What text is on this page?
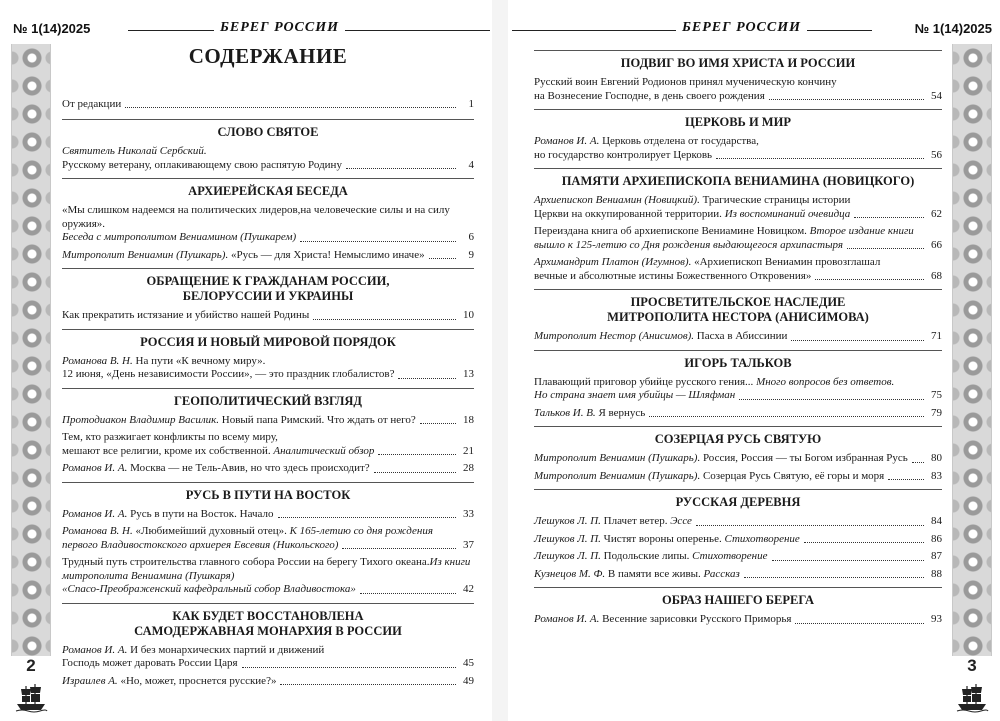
№ 1(14)2025	БЕРЕГ РОССИИ
2
СОДЕРЖАНИЕ
От редакции	1
СЛОВО СВЯТОЕ
Святитель Николай Сербский.
Русскому ветерану, оплакивающему свою распятую Родину	4
АРХИЕРЕЙСКАЯ БЕСЕДА
«Мы слишком надеемся на политических лидеров,на человеческие силы и на силу оружия».
Беседа с митрополитом Вениамином (Пушкарем)	6
Митрополит Вениамин (Пушкарь). «Русь — для Христа! Немыслимо иначе»	9
ОБРАЩЕНИЕ К ГРАЖДАНАМ РОССИИ,
БЕЛОРУССИИ И УКРАИНЫ
Как прекратить истязание и убийство нашей Родины	10
РОССИЯ И НОВЫЙ МИРОВОЙ ПОРЯДОК
Романова В. Н. На пути «К вечному миру».
12 июня, «День независимости России», — это праздник глобалистов?	13
ГЕОПОЛИТИЧЕСКИЙ ВЗГЛЯД
Протодиакон Владимир Василик. Новый папа Римский. Что ждать от него?	18
Тем, кто разжигает конфликты по всему миру,
мешают все религии, кроме их собственной. Аналитический обзор	21
Романов И. А. Москва — не Тель-Авив, но что здесь происходит?	28
РУСЬ В ПУТИ НА ВОСТОК
Романов И. А. Русь в пути на Восток. Начало	33
Романова В. Н. «Любимейший духовный отец». К 165-летию со дня рождения
первого Владивостокского архиерея Евсевия (Никольского)	37
Трудный путь строительства главного собора России на берегу Тихого океана.Из книги митрополита Вениамина (Пушкаря)
«Спасо-Преображенский кафедральный собор Владивостока»	42
КАК БУДЕТ ВОССТАНОВЛЕНА
САМОДЕРЖАВНАЯ МОНАРХИЯ В РОССИИ
Романов И. А. И без монархических партий и движений
Господь может даровать России Царя	45
Израилев А. «Но, может, проснется русские?»	49
№ 1(14)2025
БЕРЕГ РОССИИ
3
ПОДВИГ ВО ИМЯ ХРИСТА И РОССИИ
Русский воин Евгений Родионов принял мученическую кончину
на Вознесение Господне, в день своего рождения	54
ЦЕРКОВЬ И МИР
Романов И. А. Церковь отделена от государства,
но государство контролирует Церковь	56
ПАМЯТИ АРХИЕПИСКОПА ВЕНИАМИНА (НОВИЦКОГО)
Архиепископ Вениамин (Новицкий). Трагические страницы истории
Церкви на оккупированной территории. Из воспоминаний очевидца	62
Переиздана книга об архиепископе Вениамине Новицком. Второе издание книги
вышло к 125-летию со Дня рождения выдающегося архипастыря	66
Архимандрит Платон (Игумнов). «Архиепископ Вениамин провозглашал
вечные и абсолютные истины Божественного Откровения»	68
ПРОСВЕТИТЕЛЬСКОЕ НАСЛЕДИЕ
МИТРОПОЛИТА НЕСТОРА (АНИСИМОВА)
Митрополит Нестор (Анисимов). Пасха в Абиссинии	71
ИГОРЬ ТАЛЬКОВ
Плавающий приговор убийце русского гения... Много вопросов без ответов.
Но страна знает имя убийцы — Шляфман	75
Тальков И. В. Я вернусь	79
СОЗЕРЦАЯ РУСЬ СВЯТУЮ
Митрополит Вениамин (Пушкарь). Россия, Россия — ты Богом избранная Русь 80
Митрополит Вениамин (Пушкарь). Созерцая Русь Святую, её горы и моря	83
РУССКАЯ ДЕРЕВНЯ
Лешуков Л. П. Плачет ветер. Эссе	84
Лешуков Л. П. Чистят вороны оперенье. Стихотворение	86
Лешуков Л. П. Подольские липы. Стихотворение	87
Кузнецов М. Ф. В памяти все живы. Рассказ	88
ОБРАЗ НАШЕГО БЕРЕГА
Романов И. А. Весенние зарисовки Русского Приморья	93
